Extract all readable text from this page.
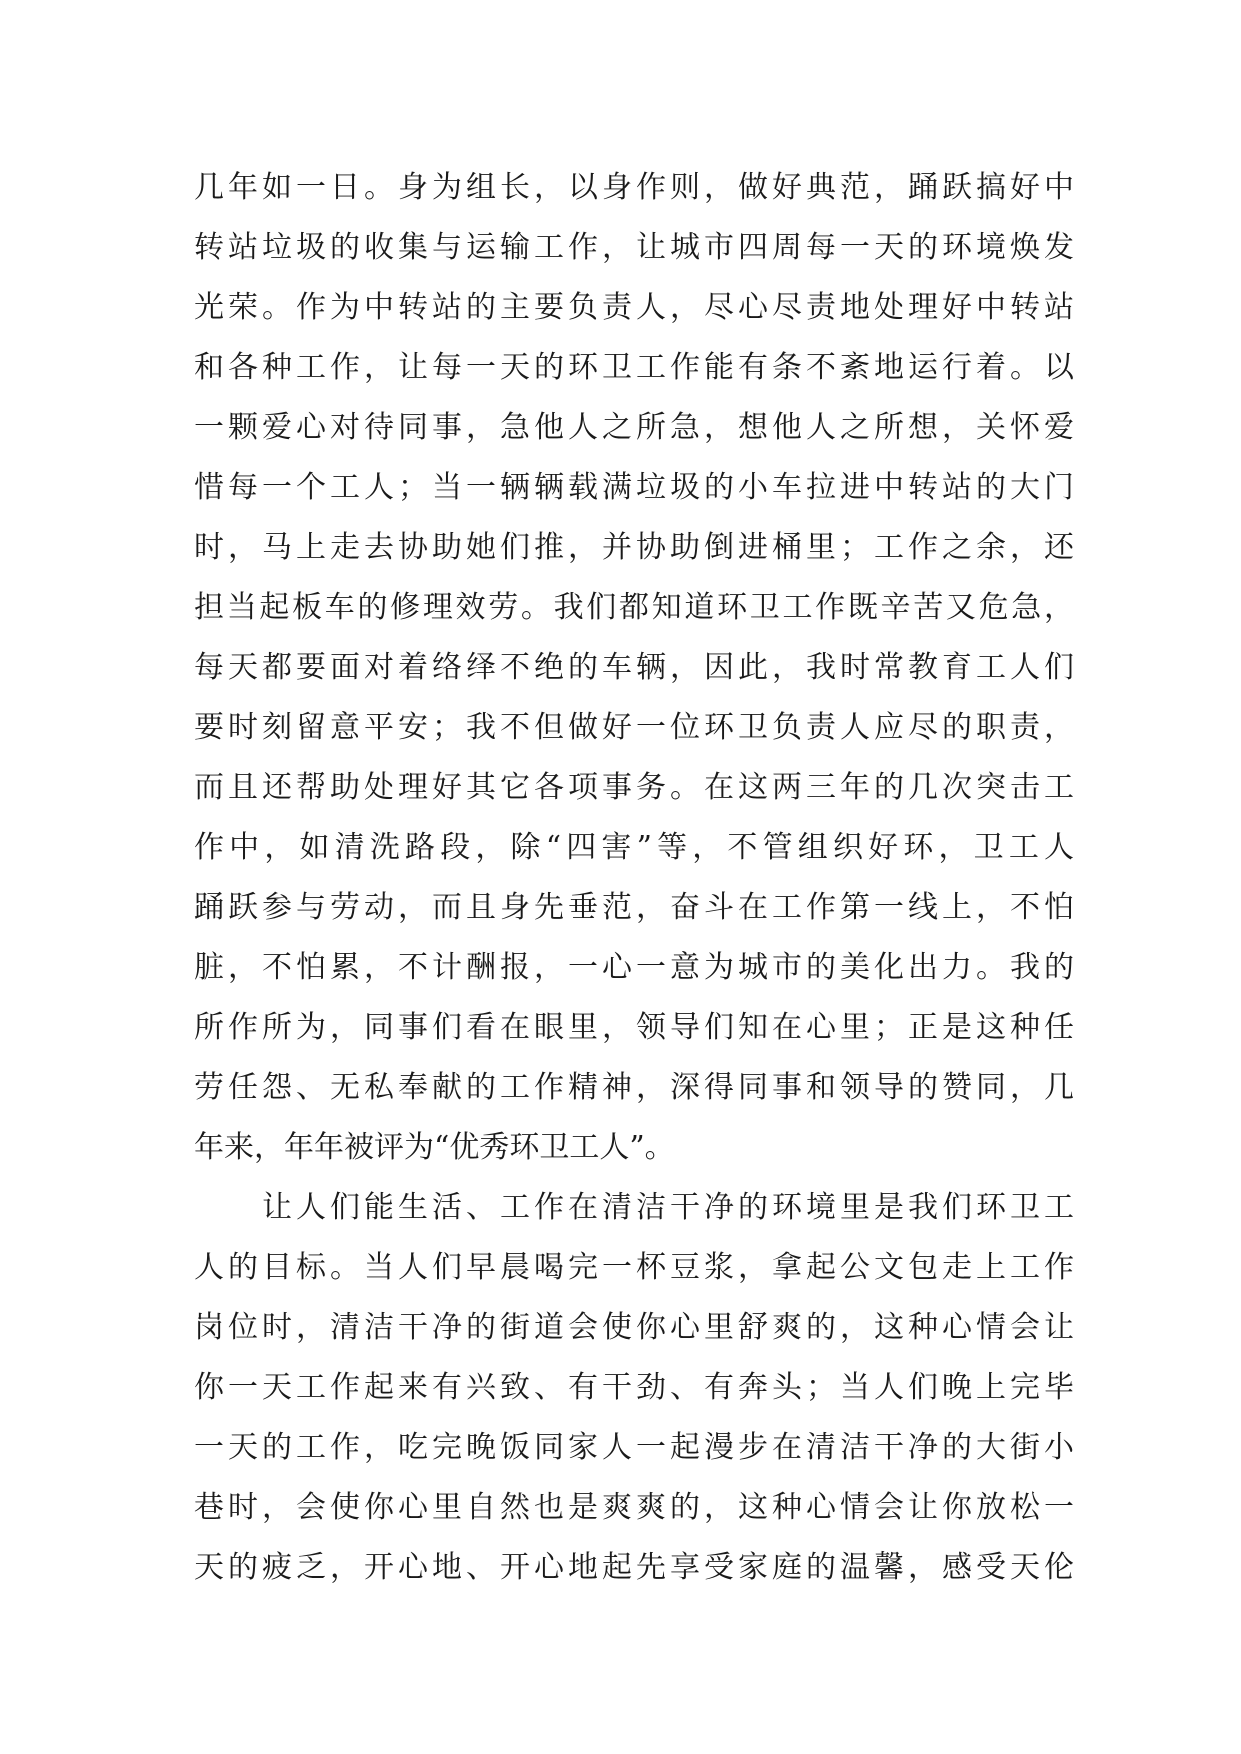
几年如一日。身为组长，以身作则，做好典范，踊跃搞好中
转站垃圾的收集与运输工作，让城市四周每一天的环境焕发
光荣。作为中转站的主要负责人，尽心尽责地处理好中转站
和各种工作，让每一天的环卫工作能有条不紊地运行着。以
一颗爱心对待同事，急他人之所急，想他人之所想，关怀爱
惜每一个工人；当一辆辆载满垃圾的小车拉进中转站的大门
时，马上走去协助她们推，并协助倒进桶里；工作之余，还
担当起板车的修理效劳。我们都知道环卫工作既辛苦又危急，
每天都要面对着络绎不绝的车辆，因此，我时常教育工人们
要时刻留意平安；我不但做好一位环卫负责人应尽的职责，
而且还帮助处理好其它各项事务。在这两三年的几次突击工
作中，如清洗路段，除“四害”等，不管组织好环，卫工人
踊跃参与劳动，而且身先垂范，奋斗在工作第一线上，不怕
脏，不怕累，不计酬报，一心一意为城市的美化出力。我的
所作所为，同事们看在眼里，领导们知在心里；正是这种任
劳任怨、无私奉献的工作精神，深得同事和领导的赞同，几
年来，年年被评为“优秀环卫工人”。
　　让人们能生活、工作在清洁干净的环境里是我们环卫工
人的目标。当人们早晨喝完一杯豆浆，拿起公文包走上工作
岗位时，清洁干净的街道会使你心里舒爽的，这种心情会让
你一天工作起来有兴致、有干劲、有奔头；当人们晚上完毕
一天的工作，吃完晚饭同家人一起漫步在清洁干净的大街小
巷时，会使你心里自然也是爽爽的，这种心情会让你放松一
天的疲乏，开心地、开心地起先享受家庭的温馨，感受天伦
